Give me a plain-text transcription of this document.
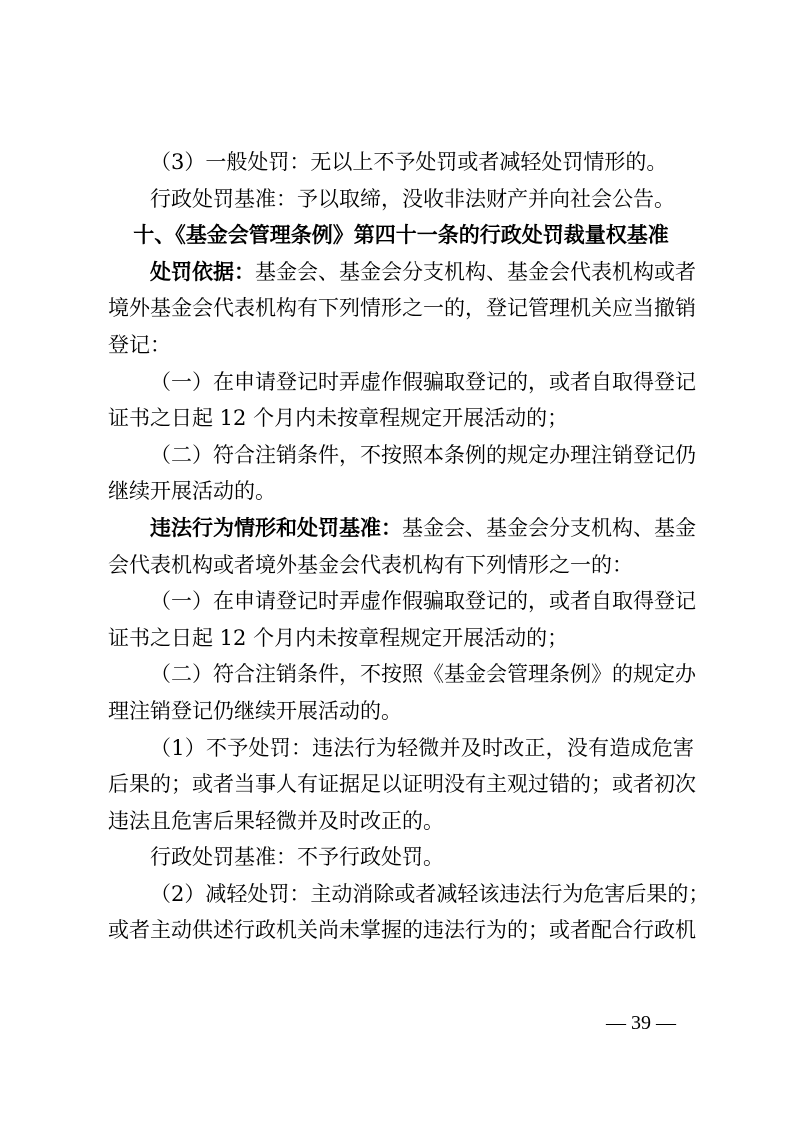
（3）一般处罚：无以上不予处罚或者减轻处罚情形的。
行政处罚基准：予以取缔，没收非法财产并向社会公告。
十、《基金会管理条例》第四十一条的行政处罚裁量权基准
处罚依据：基金会、基金会分支机构、基金会代表机构或者
境外基金会代表机构有下列情形之一的，登记管理机关应当撤销
登记：
（一）在申请登记时弄虚作假骗取登记的，或者自取得登记
证书之日起 12 个月内未按章程规定开展活动的；
（二）符合注销条件，不按照本条例的规定办理注销登记仍
继续开展活动的。
违法行为情形和处罚基准：基金会、基金会分支机构、基金
会代表机构或者境外基金会代表机构有下列情形之一的：
（一）在申请登记时弄虚作假骗取登记的，或者自取得登记
证书之日起 12 个月内未按章程规定开展活动的；
（二）符合注销条件，不按照《基金会管理条例》的规定办
理注销登记仍继续开展活动的。
（1）不予处罚：违法行为轻微并及时改正，没有造成危害
后果的；或者当事人有证据足以证明没有主观过错的；或者初次
违法且危害后果轻微并及时改正的。
行政处罚基准：不予行政处罚。
（2）减轻处罚：主动消除或者减轻该违法行为危害后果的；
或者主动供述行政机关尚未掌握的违法行为的；或者配合行政机
— 39 —
